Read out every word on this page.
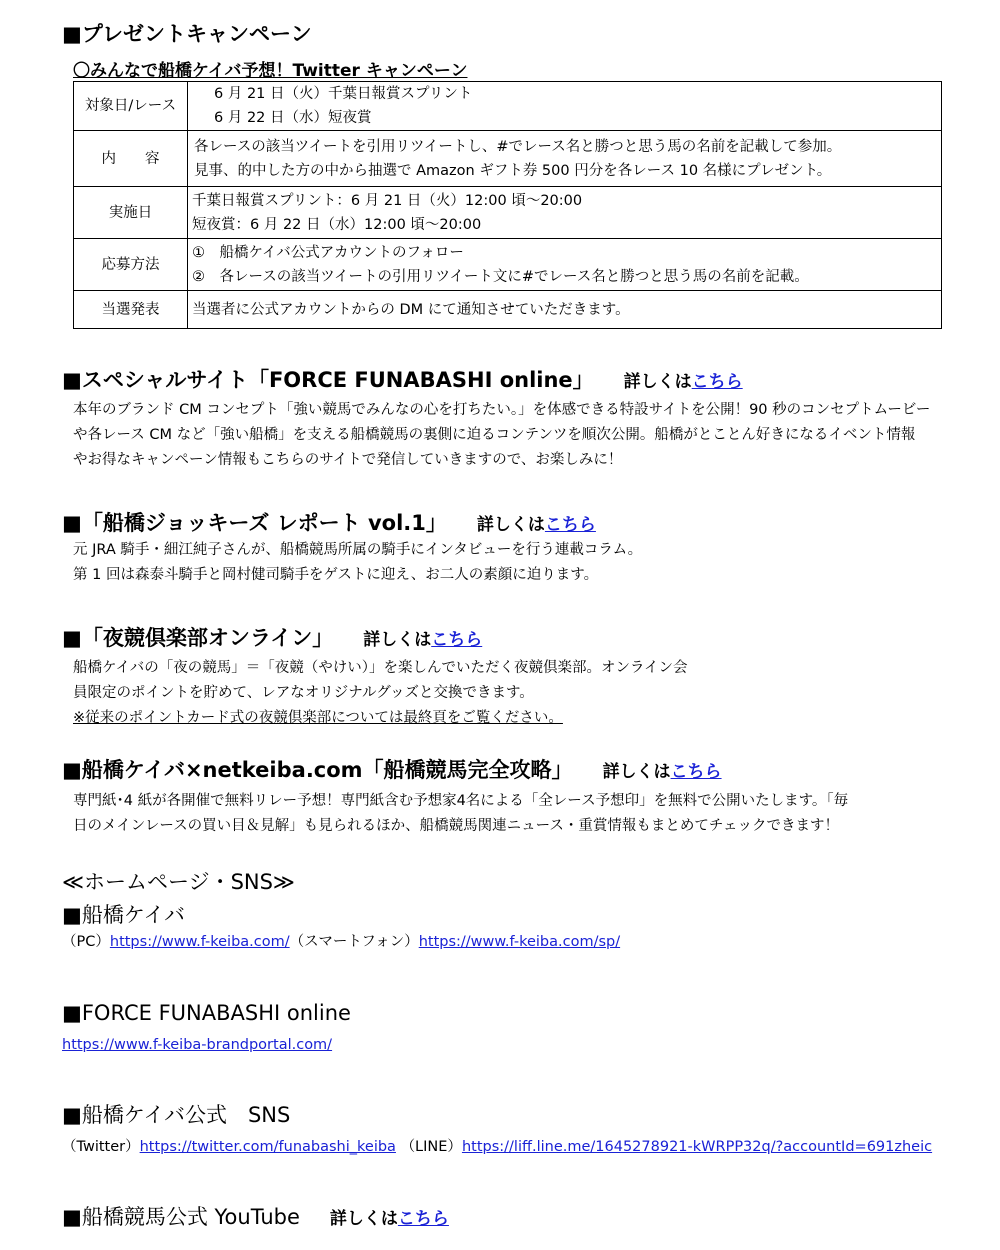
■プレゼントキャンペーン
〇みんなで船橋ケイバ予想！Twitter キャンペーン
対象日/レース	6 月 21 日（火）千葉日報賞スプリント
6 月 22 日（水）短夜賞

内　　容	各レースの該当ツイートを引用リツイートし、#でレース名と勝つと思う馬の名前を記載して参加。
見事、的中した方の中から抽選で Amazon ギフト券 500 円分を各レース 10 名様にプレゼント。

実施日	千葉日報賞スプリント：6 月 21 日（火）12:00 頃～20:00
短夜賞：6 月 22 日（水）12:00 頃～20:00

応募方法	①　船橋ケイバ公式アカウントのフォロー
②　各レースの該当ツイートの引用リツイート文に#でレース名と勝つと思う馬の名前を記載。

当選発表	当選者に公式アカウントからの DM にて通知させていただきます。
■スペシャルサイト「FORCE FUNABASHI online」 詳しくはこちら
本年のブランド CM コンセプト「強い競馬でみんなの心を打ちたい。」を体感できる特設サイトを公開！90 秒のコンセプトムービー
や各レース CM など「強い船橋」を支える船橋競馬の裏側に迫るコンテンツを順次公開。船橋がとことん好きになるイベント情報
やお得なキャンペーン情報もこちらのサイトで発信していきますので、お楽しみに！
■「船橋ジョッキーズ レポート vol.1」 詳しくはこちら
元 JRA 騎手・細江純子さんが、船橋競馬所属の騎手にインタビューを行う連載コラム。
第 1 回は森泰斗騎手と岡村健司騎手をゲストに迎え、お二人の素顔に迫ります。
■「夜競倶楽部オンライン」 詳しくはこちら
船橋ケイバの「夜の競馬」＝「夜競（やけい）」を楽しんでいただく夜競倶楽部。オンライン会
員限定のポイントを貯めて、レアなオリジナルグッズと交換できます。
※従来のポイントカード式の夜競倶楽部については最終頁をご覧ください。
■船橋ケイバ×netkeiba.com「船橋競馬完全攻略」 詳しくはこちら
専門紙･4 紙が各開催で無料リレー予想！専門紙含む予想家4名による「全レース予想印」を無料で公開いたします。「毎
日のメインレースの買い目＆見解」も見られるほか、船橋競馬関連ニュース・重賞情報もまとめてチェックできます！
≪ホームページ・SNS≫
■船橋ケイバ
（PC）https://www.f-keiba.com/（スマートフォン）https://www.f-keiba.com/sp/
■FORCE FUNABASHI online
https://www.f-keiba-brandportal.com/
■船橋ケイバ公式　SNS
（Twitter）https://twitter.com/funabashi_keiba （LINE）https://liff.line.me/1645278921-kWRPP32q/?accountId=691zheic
■船橋競馬公式 YouTube 詳しくはこちら
